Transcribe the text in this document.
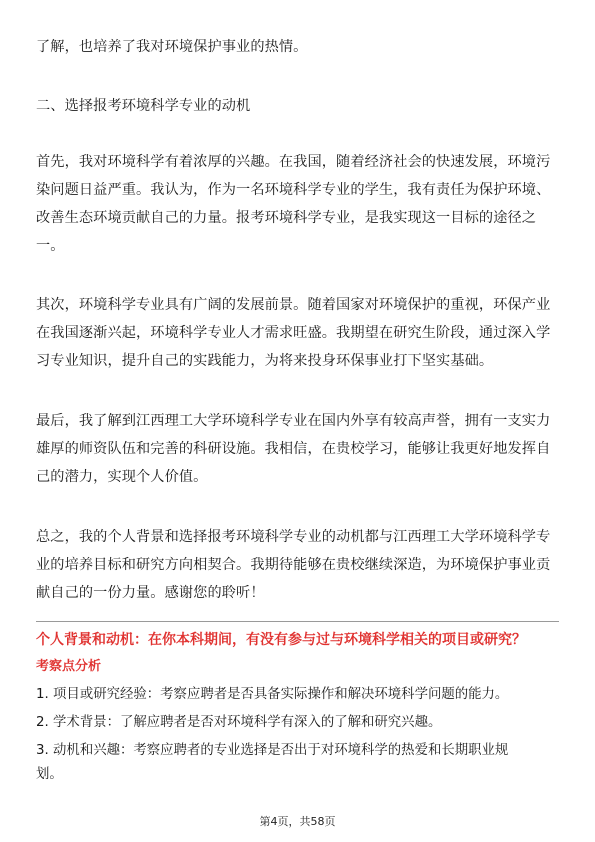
了解，也培养了我对环境保护事业的热情。

二、选择报考环境科学专业的动机

首先，我对环境科学有着浓厚的兴趣。在我国，随着经济社会的快速发展，环境污
染问题日益严重。我认为，作为一名环境科学专业的学生，我有责任为保护环境、
改善生态环境贡献自己的力量。报考环境科学专业，是我实现这一目标的途径之
一。

其次，环境科学专业具有广阔的发展前景。随着国家对环境保护的重视，环保产业
在我国逐渐兴起，环境科学专业人才需求旺盛。我期望在研究生阶段，通过深入学
习专业知识，提升自己的实践能力，为将来投身环保事业打下坚实基础。

最后，我了解到江西理工大学环境科学专业在国内外享有较高声誉，拥有一支实力
雄厚的师资队伍和完善的科研设施。我相信，在贵校学习，能够让我更好地发挥自
己的潜力，实现个人价值。

总之，我的个人背景和选择报考环境科学专业的动机都与江西理工大学环境科学专
业的培养目标和研究方向相契合。我期待能够在贵校继续深造，为环境保护事业贡
献自己的一份力量。感谢您的聆听！

个人背景和动机：在你本科期间，有没有参与过与环境科学相关的项目或研究？

考察点分析

1. 项目或研究经验：考察应聘者是否具备实际操作和解决环境科学问题的能力。

2. 学术背景：了解应聘者是否对环境科学有深入的了解和研究兴趣。

3. 动机和兴趣：考察应聘者的专业选择是否出于对环境科学的热爱和长期职业规
划。

第4页，共58页
